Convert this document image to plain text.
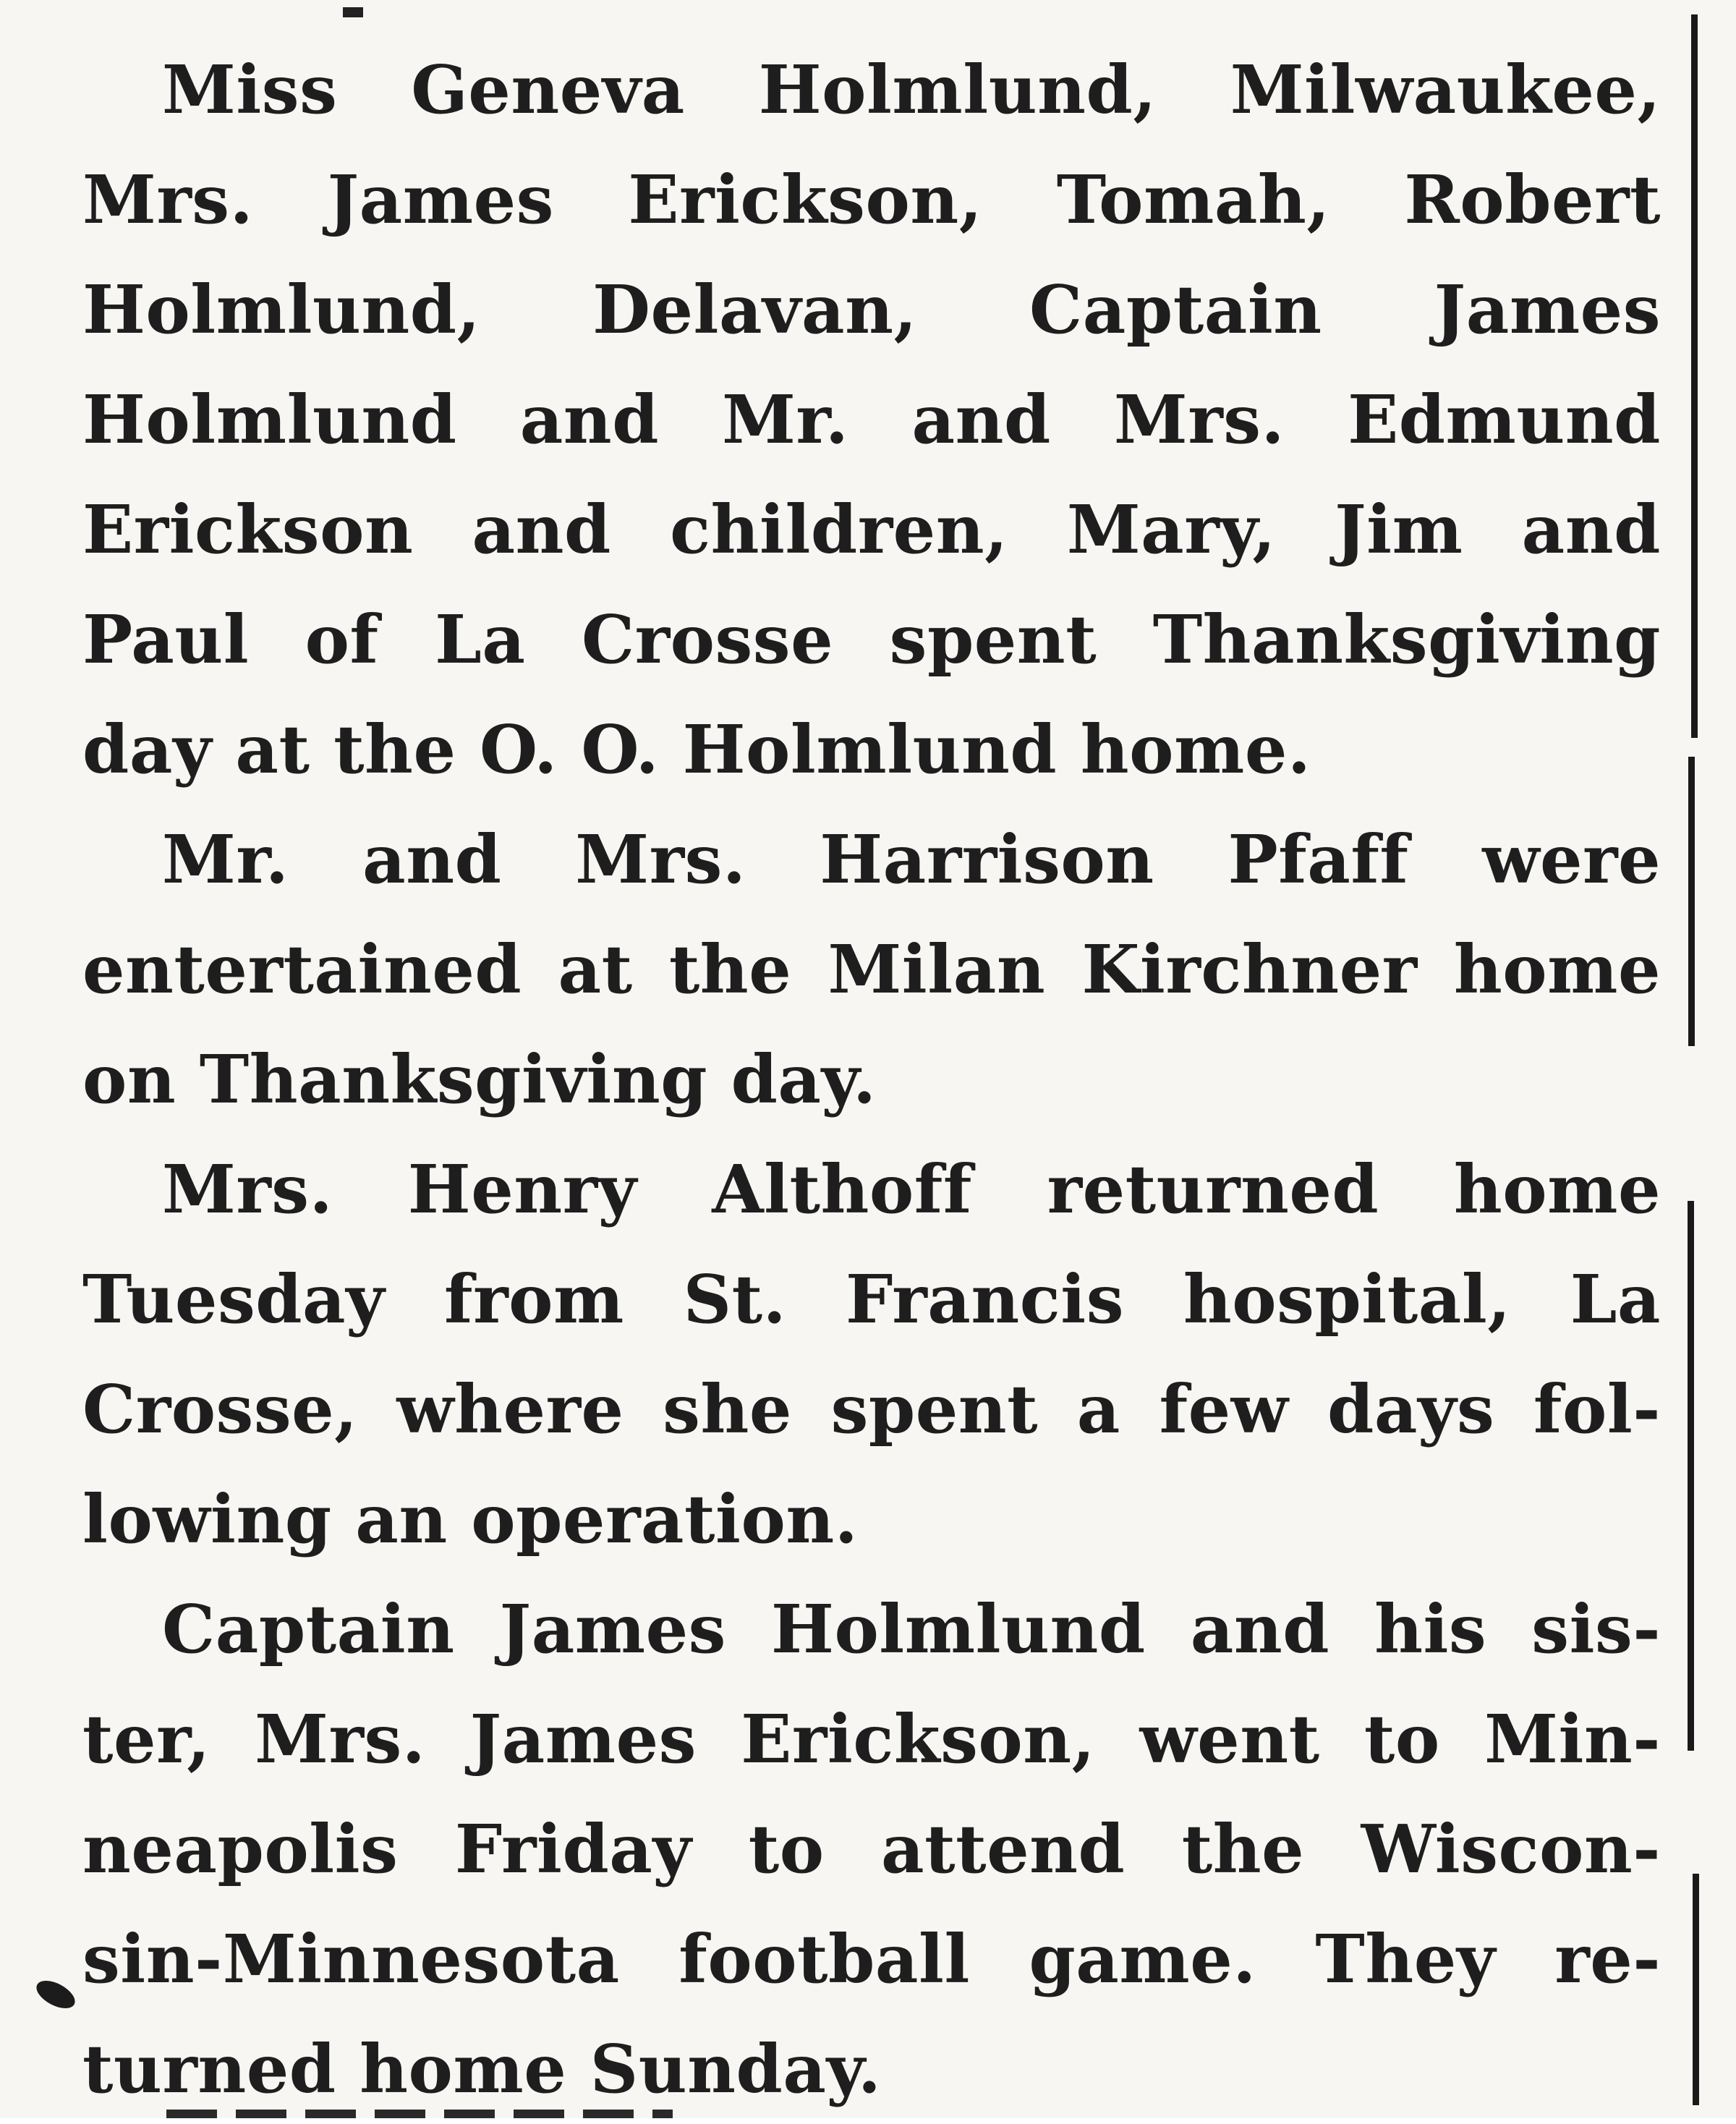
Miss Geneva Holmlund, Milwaukee,
Mrs. James Erickson, Tomah, Robert
Holmlund, Delavan, Captain James
Holmlund and Mr. and Mrs. Edmund
Erickson and children, Mary, Jim and
Paul of La Crosse spent Thanksgiving
day at the O. O. Holmlund home.
Mr. and Mrs. Harrison Pfaff were
entertained at the Milan Kirchner home
on Thanksgiving day.
Mrs. Henry Althoff returned home
Tuesday from St. Francis hospital, La
Crosse, where she spent a few days fol-
lowing an operation.
Captain James Holmlund and his sis-
ter, Mrs. James Erickson, went to Min-
neapolis Friday to attend the Wiscon-
sin-Minnesota football game. They re-
turned home Sunday.
